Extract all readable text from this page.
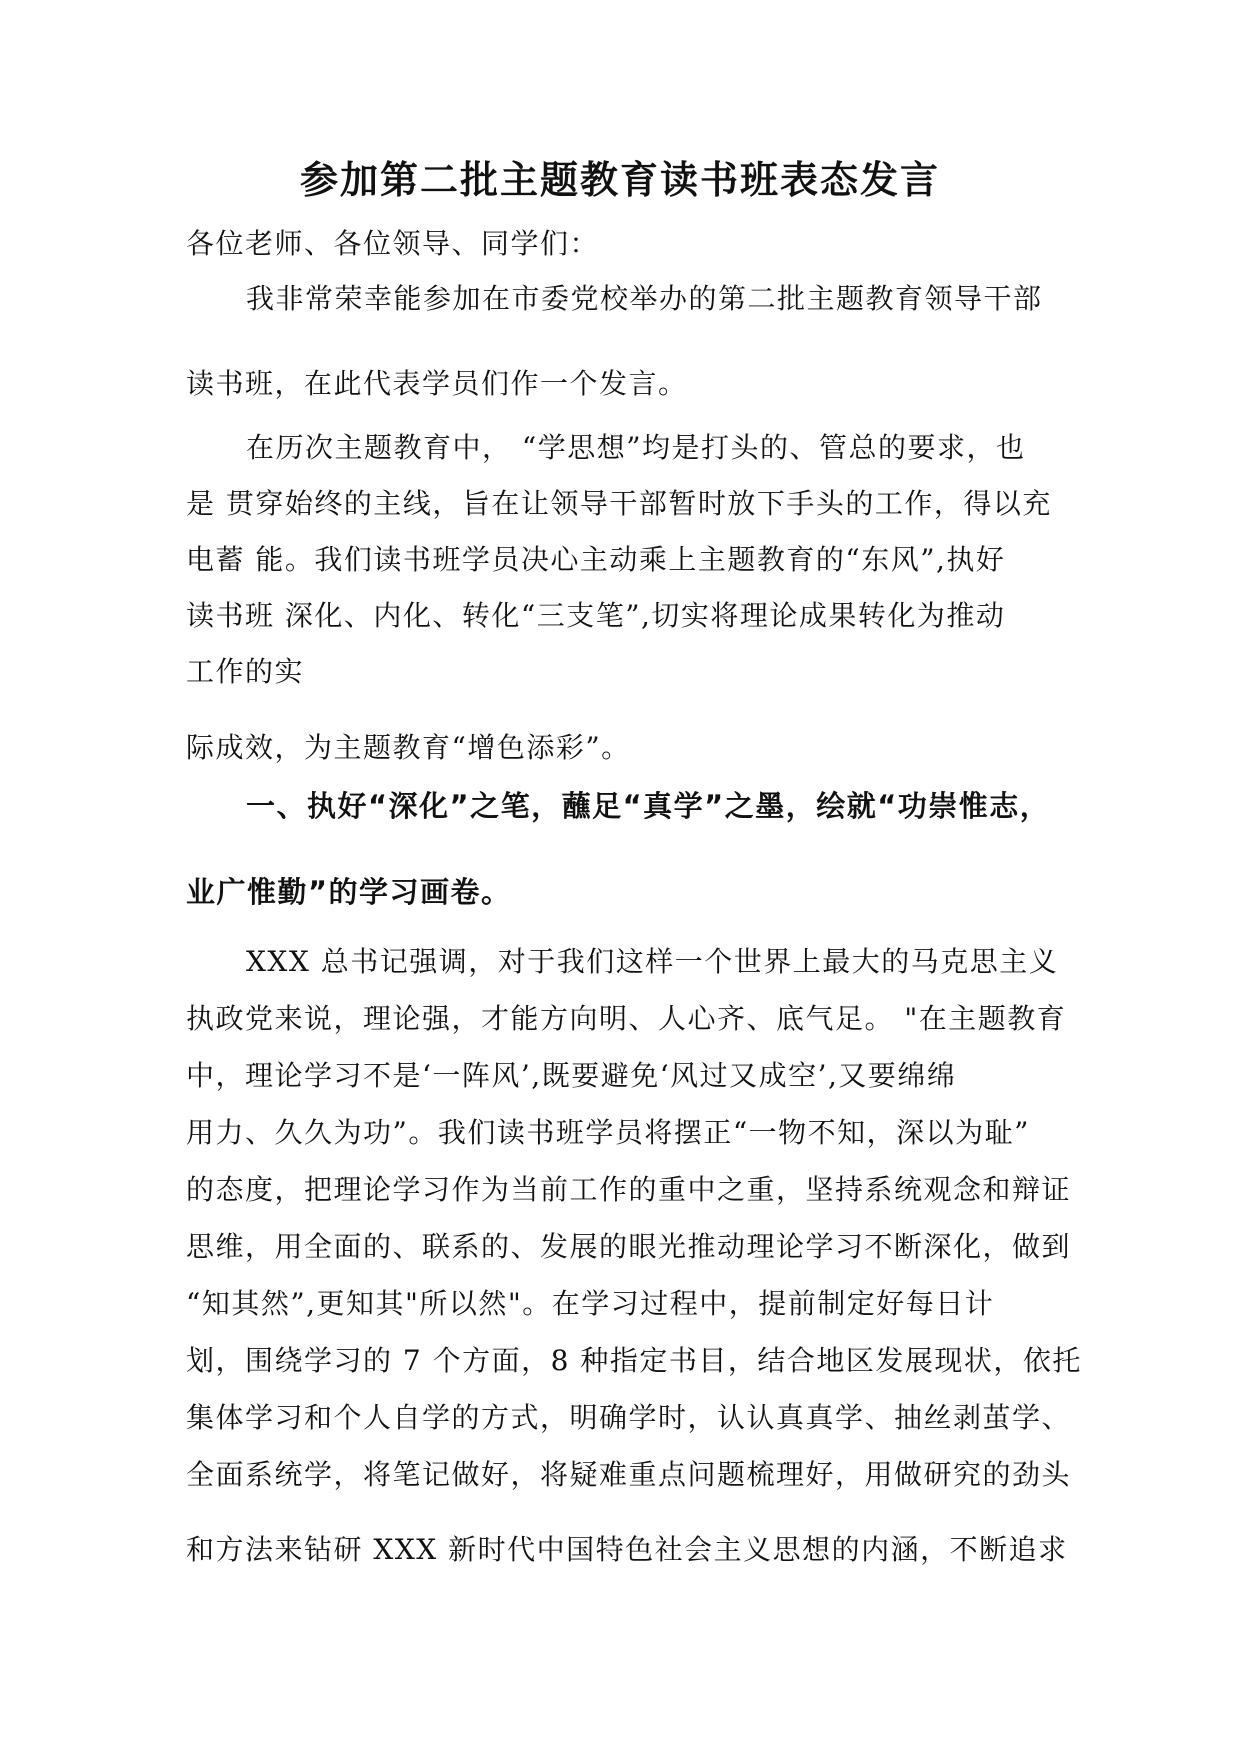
参加第二批主题教育读书班表态发言
各位老师、各位领导、同学们：
我非常荣幸能参加在市委党校举办的第二批主题教育领导干部
读书班，在此代表学员们作一个发言。
在历次主题教育中， “学思想”均是打头的、管总的要求，也
是 贯穿始终的主线，旨在让领导干部暂时放下手头的工作，得以充
电蓄 能。我们读书班学员决心主动乘上主题教育的“东风”,执好
读书班 深化、内化、转化“三支笔”,切实将理论成果转化为推动
工作的实
际成效，为主题教育“增色添彩”。
一、执好“深化”之笔，蘸足“真学”之墨，绘就“功崇惟志，
业广惟勤”的学习画卷。
XXX 总书记强调，对于我们这样一个世界上最大的马克思主义
执政党来说，理论强，才能方向明、人心齐、底气足。 "在主题教育
中，理论学习不是‘一阵风’,既要避免‘风过又成空’,又要绵绵
用力、久久为功”。我们读书班学员将摆正“一物不知，深以为耻”
的态度，把理论学习作为当前工作的重中之重，坚持系统观念和辩证
思维，用全面的、联系的、发展的眼光推动理论学习不断深化，做到
“知其然”,更知其"所以然"。在学习过程中，提前制定好每日计
划，围绕学习的 7 个方面，8 种指定书目，结合地区发展现状，依托
集体学习和个人自学的方式，明确学时，认认真真学、抽丝剥茧学、
全面系统学，将笔记做好，将疑难重点问题梳理好，用做研究的劲头
和方法来钻研 XXX 新时代中国特色社会主义思想的内涵，不断追求
